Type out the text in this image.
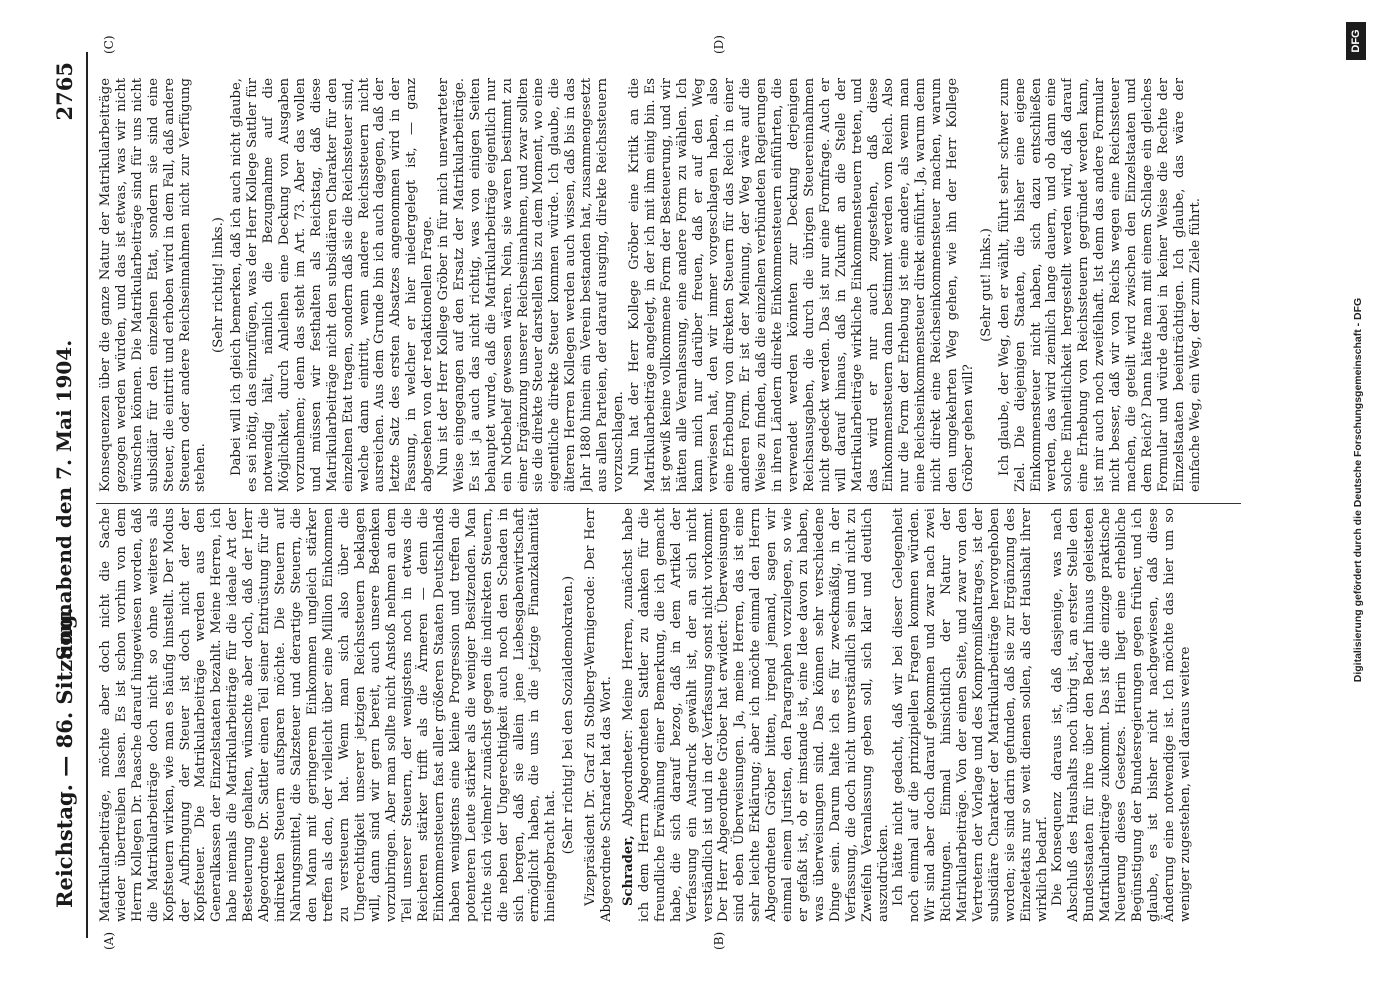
Reichstag. — 86. Sitzung.
Sonnabend den 7. Mai 1904.
2765
(A)	(B)
(C)	(D)

Matrikularbeiträge, möchte aber doch nicht die Sache wieder übertreiben lassen. Es ist schon vorhin von dem Herrn Kollegen Dr. Paasche darauf hingewiesen worden, daß die Matrikularbeiträge doch nicht so ohne weiteres als Kopfsteuern wirken, wie man es häufig hinstellt. Der Modus der Aufbringung der Steuer ist doch nicht der der Kopfsteuer. Die Matrikularbeiträge werden aus den Generalkassen der Einzelstaaten bezahlt. Meine Herren, ich habe niemals die Matrikularbeiträge für die ideale Art der Besteuerung gehalten, wünschte aber doch, daß der Herr Abgeordnete Dr. Sattler einen Teil seiner Entrüstung für die indirekten Steuern aufsparen möchte. Die Steuern auf Nahrungsmittel, die Salzsteuer und derartige Steuern, die den Mann mit geringerem Einkommen ungleich stärker treffen als den, der vielleicht über eine Million Einkommen zu versteuern hat. Wenn man sich also über die Ungerechtigkeit unserer jetzigen Reichssteuern beklagen will, dann sind wir gern bereit, auch unsere Bedenken vorzubringen. Aber man sollte nicht Anstoß nehmen an dem Teil unserer Steuern, der wenigstens noch in etwas die Reicheren stärker trifft als die Ärmeren — denn die Einkommensteuern fast aller größeren Staaten Deutschlands haben wenigstens eine kleine Progression und treffen die potenteren Leute stärker als die weniger Besitzenden. Man richte sich vielmehr zunächst gegen die indirekten Steuern, die neben der Ungerechtigkeit auch noch den Schaden in sich bergen, daß sie allein jene Liebesgabenwirtschaft ermöglicht haben, die uns in die jetzige Finanzkalamität hineingebracht hat.

(Sehr richtig! bei den Sozialdemokraten.) Vizepräsident Dr. Graf zu Stolberg-Wernigerode: Der Herr Abgeordnete Schrader hat das Wort. Schrader, Abgeordneter: Meine Herren, zunächst habe ich dem Herrn Abgeordneten Sattler zu danken für die freundliche Erwähnung einer Bemerkung, die ich gemacht habe, die sich darauf bezog, daß in dem Artikel der Verfassung ein Ausdruck gewählt ist, der an sich nicht verständlich ist und in der Verfassung sonst nicht vorkommt. Der Herr Abgeordnete Gröber hat erwidert: Überweisungen sind eben Überweisungen. Ja, meine Herren, das ist eine sehr leichte Erklärung; aber ich möchte einmal den Herrn Abgeordneten Gröber bitten, irgend jemand, sagen wir einmal einem Juristen, den Paragraphen vorzulegen, so wie er gefaßt ist, ob er imstande ist, eine Idee davon zu haben, was überweisungen sind. Das können sehr verschiedene Dinge sein. Darum halte ich es für zweckmäßig, in der Verfassung, die doch nicht unverständlich sein und nicht zu Zweifeln Veranlassung geben soll, sich klar und deutlich auszudrücken. Ich hätte nicht gedacht, daß wir bei dieser Gelegenheit noch einmal auf die prinzipiellen Fragen kommen würden. Wir sind aber doch darauf gekommen und zwar nach zwei Richtungen. Einmal hinsichtlich der Natur der Matrikularbeiträge. Von der einen Seite, und zwar von den Vertretern der Vorlage und des Kompromißantrages, ist der subsidiäre Charakter der Matrikularbeiträge hervorgehoben worden; sie sind darin gefunden, daß sie zur Ergänzung des Einzeletats nur so weit dienen sollen, als der Haushalt ihrer wirklich bedarf. Die Konsequenz daraus ist, daß dasjenige, was nach Abschluß des Haushalts noch übrig ist, an erster Stelle den Bundesstaaten für ihre über den Bedarf hinaus geleisteten Matrikularbeiträge zukommt. Das ist die einzige praktische Neuerung dieses Gesetzes. Hierin liegt eine erhebliche Begünstigung der Bundesregierungen gegen früher, und ich glaube, es ist bisher nicht nachgewiesen, daß diese Änderung eine notwendige ist. Ich möchte das hier um so weniger zugestehen, weil daraus weitere

Konsequenzen über die ganze Natur der Matrikularbeiträge gezogen werden würden, und das ist etwas, was wir nicht wünschen können. Die Matrikularbeiträge sind für uns nicht subsidiär für den einzelnen Etat, sondern sie sind eine Steuer, die eintritt und erhoben wird in dem Fall, daß andere Steuern oder andere Reichseinnahmen nicht zur Verfügung stehen.

(Sehr richtig! links.) Dabei will ich gleich bemerken, daß ich auch nicht glaube, es sei nötig, das einzufügen, was der Herr Kollege Sattler für notwendig hält, nämlich die Bezugnahme auf die Möglichkeit, durch Anleihen eine Deckung von Ausgaben vorzunehmen; denn das steht im Art. 73. Aber das wollen und müssen wir festhalten als Reichstag, daß diese Matrikularbeiträge nicht den subsidiären Charakter für den einzelnen Etat tragen, sondern daß sie die Reichssteuer sind, welche dann eintritt, wenn andere Reichssteuern nicht ausreichen. Aus dem Grunde bin ich auch dagegen, daß der letzte Satz des ersten Absatzes angenommen wird in der Fassung, in welcher er hier niedergelegt ist, — ganz abgesehen von der redaktionellen Frage. Nun ist der Herr Kollege Gröber in für mich unerwarteter Weise eingegangen auf den Ersatz der Matrikularbeiträge. Es ist ja auch das nicht richtig, was von einigen Seiten behauptet wurde, daß die Matrikularbeiträge eigentlich nur ein Notbehelf gewesen wären. Nein, sie waren bestimmt zu einer Ergänzung unserer Reichseinnahmen, und zwar sollten sie die direkte Steuer darstellen bis zu dem Moment, wo eine eigentliche direkte Steuer kommen würde. Ich glaube, die älteren Herren Kollegen werden auch wissen, daß bis in das Jahr 1880 hinein ein Verein bestanden hat, zusammengesetzt aus allen Parteien, der darauf ausging, direkte Reichssteuern vorzuschlagen. Nun hat der Herr Kollege Gröber eine Kritik an die Matrikularbeiträge angelegt, in der ich mit ihm einig bin. Es ist gewiß keine vollkommene Form der Besteuerung, und wir hätten alle Veranlassung, eine andere Form zu wählen. Ich kann mich nur darüber freuen, daß er auf den Weg verwiesen hat, den wir immer vorgeschlagen haben, also eine Erhebung von direkten Steuern für das Reich in einer anderen Form. Er ist der Meinung, der Weg wäre auf die Weise zu finden, daß die einzelnen verbündeten Regierungen in ihren Ländern direkte Einkommensteuern einführten, die verwendet werden könnten zur Deckung derjenigen Reichsausgaben, die durch die übrigen Steuereinnahmen nicht gedeckt werden. Das ist nur eine Formfrage. Auch er will darauf hinaus, daß in Zukunft an die Stelle der Matrikularbeiträge wirkliche Einkommensteuern treten, und das wird er nur auch zugestehen, daß diese Einkommensteuern dann bestimmt werden vom Reich. Also nur die Form der Erhebung ist eine andere, als wenn man eine Reichseinkommensteuer direkt einführt. Ja, warum denn nicht direkt eine Reichseinkommensteuer machen, warum den umgekehrten Weg gehen, wie ihn der Herr Kollege Gröber gehen will?

(Sehr gut! links.) Ich glaube, der Weg, den er wählt, führt sehr schwer zum Ziel. Die diejenigen Staaten, die bisher eine eigene Einkommensteuer nicht haben, sich dazu entschließen werden, das wird ziemlich lange dauern, und ob dann eine solche Einheitlichkeit hergestellt werden wird, daß darauf eine Erhebung von Reichssteuern gegründet werden kann, ist mir auch noch zweifelhaft. Ist denn das andere Formular nicht besser, daß wir von Reichs wegen eine Reichssteuer machen, die geteilt wird zwischen den Einzelstaaten und dem Reich? Dann hätte man mit einem Schlage ein gleiches Formular und würde dabei in keiner Weise die Rechte der Einzelstaaten beeinträchtigen. Ich glaube, das wäre der einfache Weg, ein Weg, der zum Ziele führt.	Digitalisierung gefördert durch die Deutsche Forschungsgemeinschaft - DFG
DFG
